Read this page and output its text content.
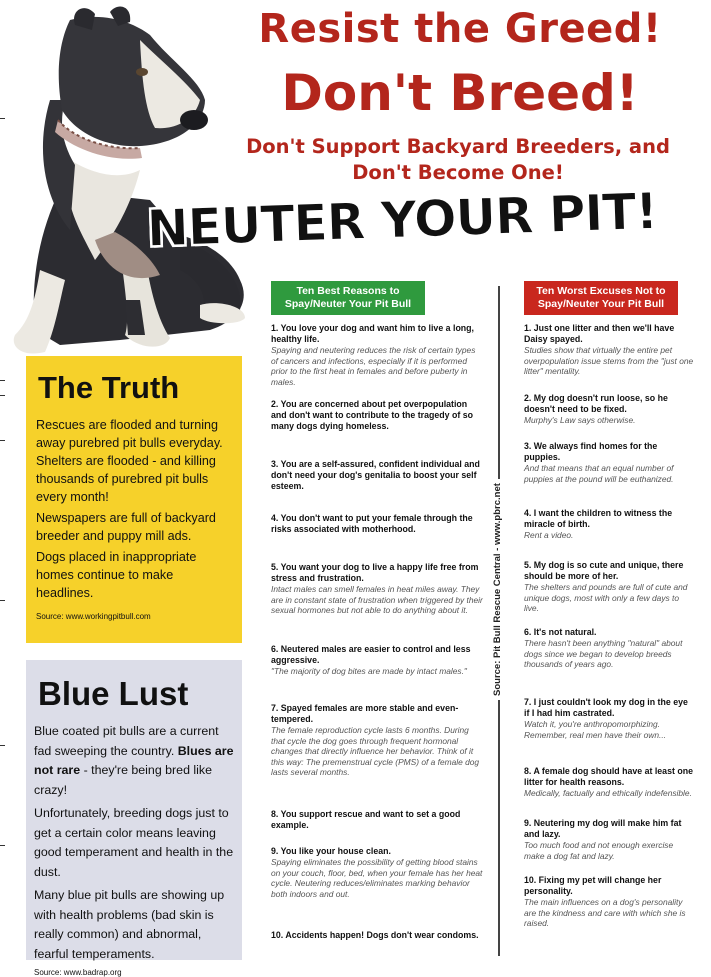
Resist the Greed!
Don't Breed!
Don't Support Backyard Breeders, and Don't Become One!
NEUTER YOUR PIT!
The Truth

Rescues are flooded and turning away purebred pit bulls everyday. Shelters are flooded - and killing thousands of purebred pit bulls every month!

Newspapers are full of backyard breeder and puppy mill ads.

Dogs placed in inappropriate homes continue to make headlines.

Source: www.workingpitbull.com
Blue Lust

Blue coated pit bulls are a current fad sweeping the country. Blues are not rare - they're being bred like crazy!

Unfortunately, breeding dogs just to get a certain color means leaving good temperament and health in the dust.

Many blue pit bulls are showing up with health problems (bad skin is really common) and abnormal, fearful temperaments.

Source: www.badrap.org
Ten Best Reasons to Spay/Neuter Your Pit Bull
Ten Worst Excuses Not to Spay/Neuter Your Pit Bull
1. You love your dog and want him to live a long, healthy life.
Spaying and neutering reduces the risk of certain types of cancers and infections, especially if it is performed prior to the first heat in females and before puberty in males.
2. You are concerned about pet overpopulation and don't want to contribute to the tragedy of so many dogs dying homeless.
3. You are a self-assured, confident individual and don't need your dog's genitalia to boost your self esteem.
4. You don't want to put your female through the risks associated with motherhood.
5. You want your dog to live a happy life free from stress and frustration.
Intact males can smell females in heat miles away. They are in constant state of frustration when triggered by their sexual hormones but not able to do anything about it.
6. Neutered males are easier to control and less aggressive.
"The majority of dog bites are made by intact males."
7. Spayed females are more stable and even-tempered.
The female reproduction cycle lasts 6 months. During that cycle the dog goes through frequent hormonal changes that directly influence her behavior. Think of it this way: The premenstrual cycle (PMS) of a female dog lasts several months.
8. You support rescue and want to set a good example.
9. You like your house clean.
Spaying eliminates the possibility of getting blood stains on your couch, floor, bed, when your female has her heat cycle. Neutering reduces/eliminates marking behavior both indoors and out.
10. Accidents happen! Dogs don't wear condoms.
Source: Pit Bull Rescue Central - www.pbrc.net
1. Just one litter and then we'll have Daisy spayed.
Studies show that virtually the entire pet overpopulation issue stems from the "just one litter" mentality.
2. My dog doesn't run loose, so he doesn't need to be fixed.
Murphy's Law says otherwise.
3. We always find homes for the puppies.
And that means that an equal number of puppies at the pound will be euthanized.
4. I want the children to witness the miracle of birth.
Rent a video.
5. My dog is so cute and unique, there should be more of her.
The shelters and pounds are full of cute and unique dogs, most with only a few days to live.
6. It's not natural.
There hasn't been anything "natural" about dogs since we began to develop breeds thousands of years ago.
7. I just couldn't look my dog in the eye if I had him castrated.
Watch it, you're anthropomorphizing. Remember, real men have their own...
8. A female dog should have at least one litter for health reasons.
Medically, factually and ethically indefensible.
9. Neutering my dog will make him fat and lazy.
Too much food and not enough exercise make a dog fat and lazy.
10. Fixing my pet will change her personality.
The main influences on a dog's personality are the kindness and care with which she is raised.
